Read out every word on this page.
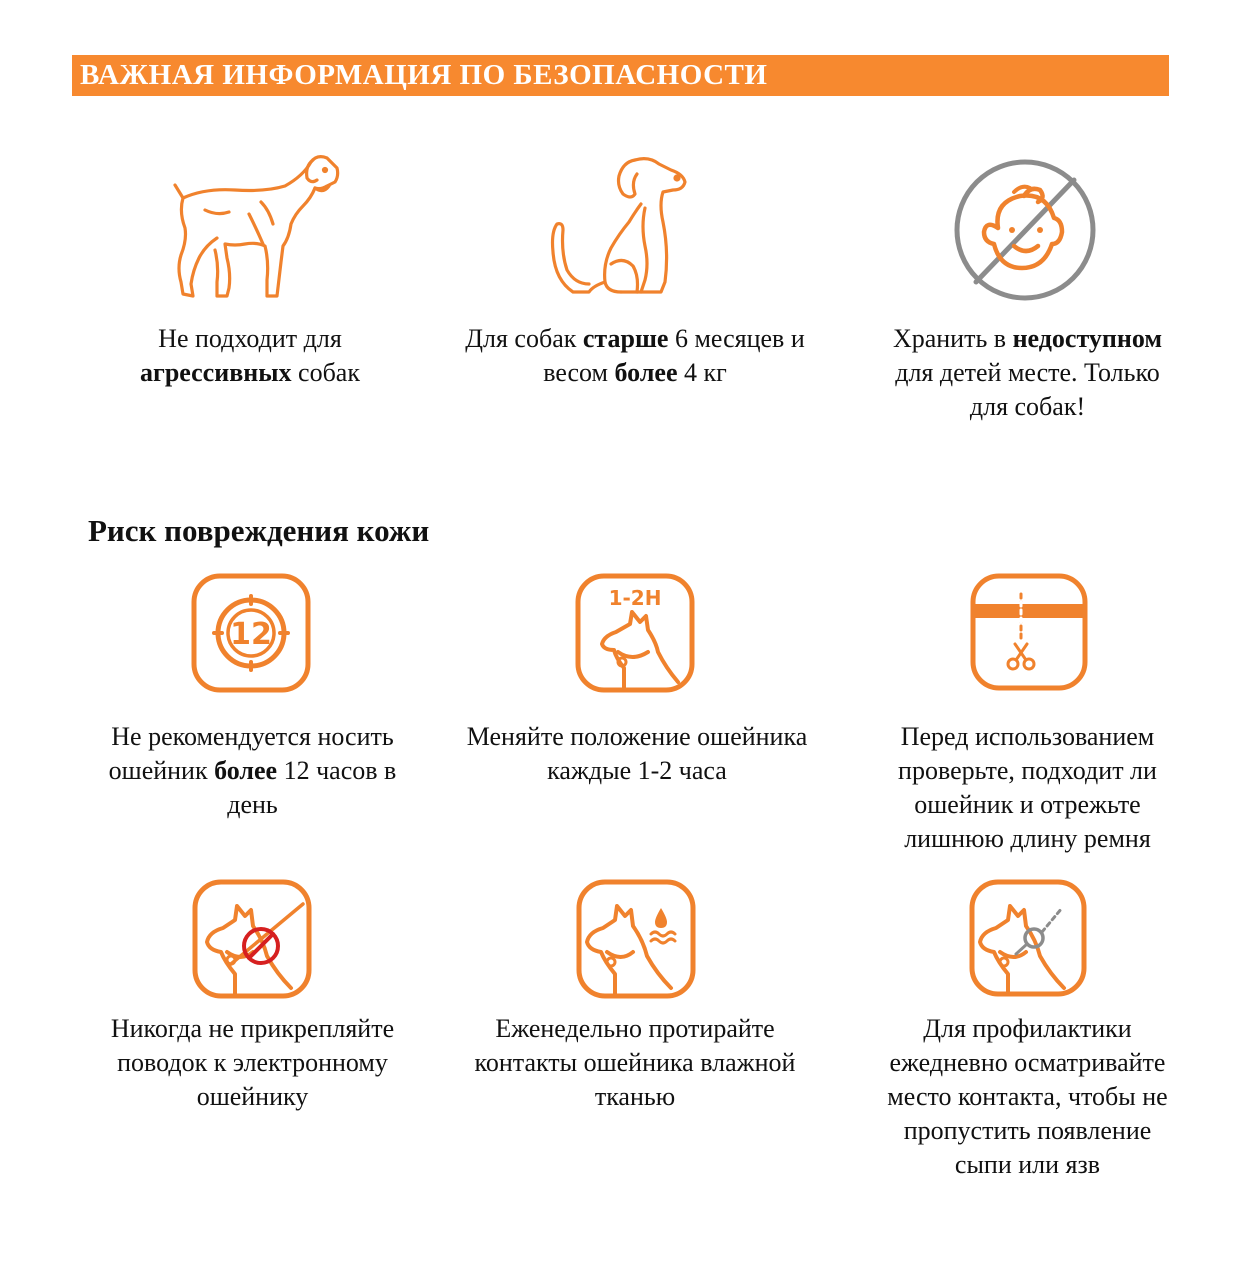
ВАЖНАЯ ИНФОРМАЦИЯ ПО БЕЗОПАСНОСТИ
Не подходит для
агрессивных собак
Для собак старше 6 месяцев и
весом более 4 кг
Хранить в недоступном
для детей месте. Только
для собак!
Риск повреждения кожи
12
1-2H
Не рекомендуется носить
ошейник более 12 часов в
день
Меняйте положение ошейника
каждые 1-2 часа
Перед использованием
проверьте, подходит ли
ошейник и отрежьте
лишнюю длину ремня
Никогда не прикрепляйте
поводок к электронному
ошейнику
Еженедельно протирайте
контакты ошейника влажной
тканью
Для профилактики
ежедневно осматривайте
место контакта, чтобы не
пропустить появление
сыпи или язв
